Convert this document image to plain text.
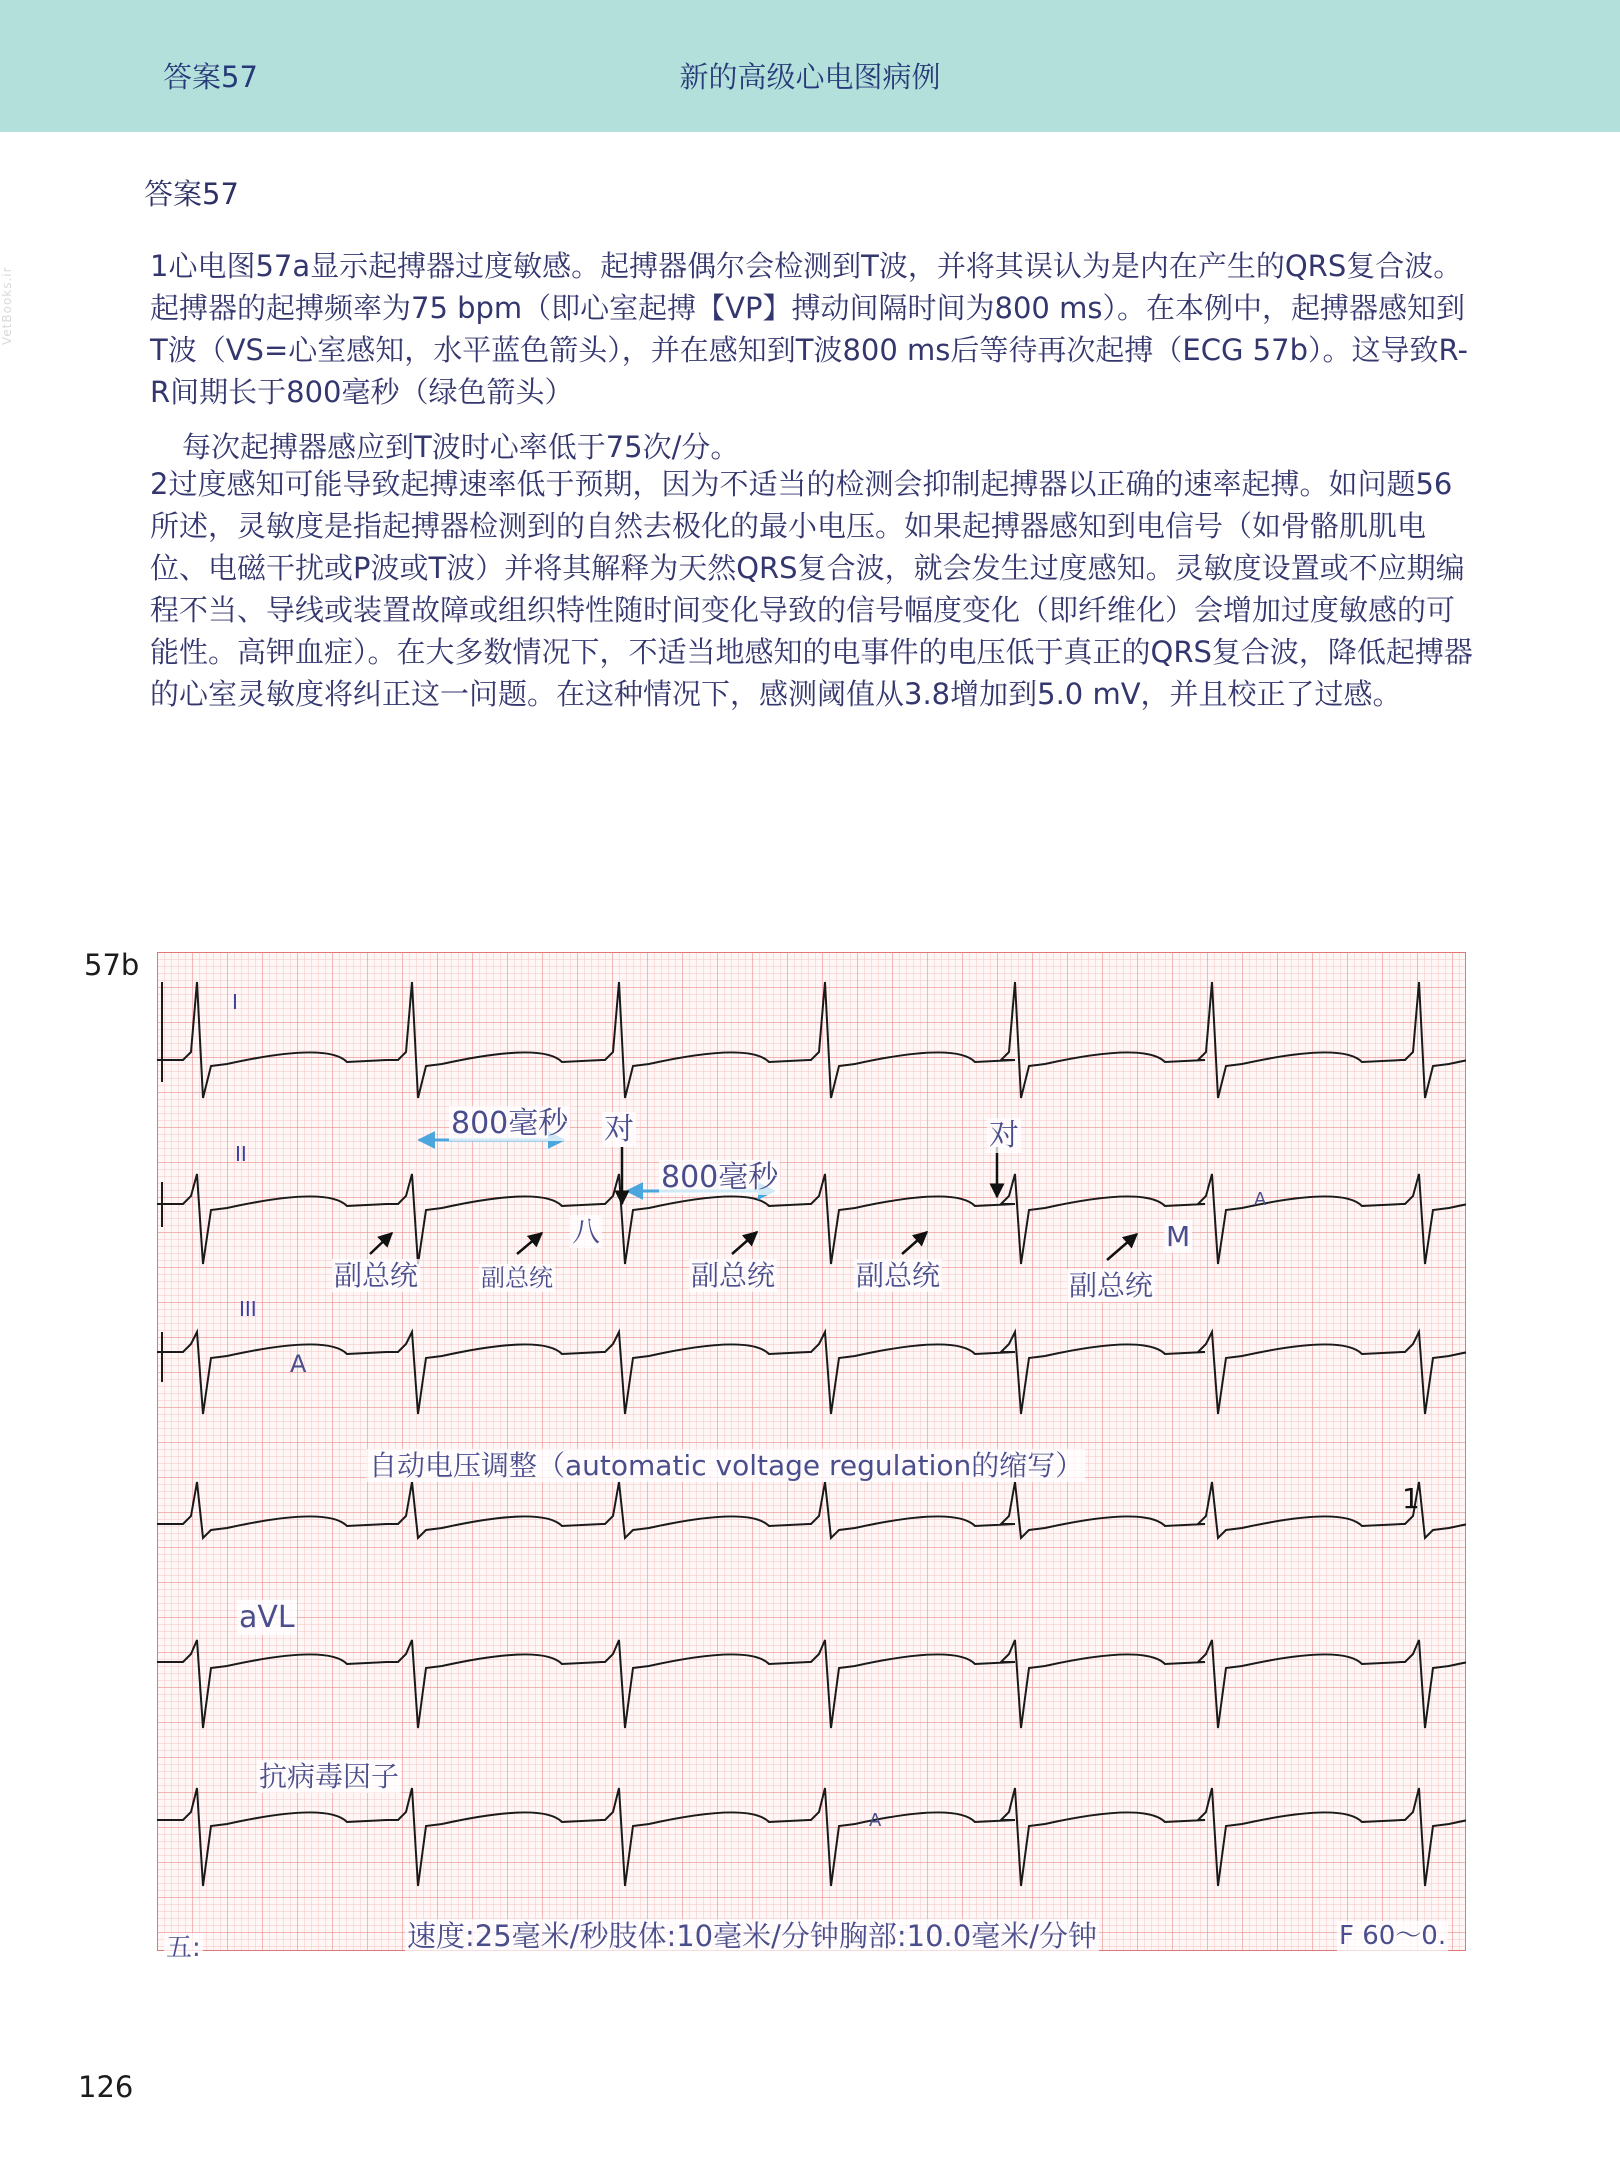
答案57	新的高级心电图病例
VetBooks.ir
答案57

1心电图57a显示起搏器过度敏感。起搏器偶尔会检测到T波，并将其误认为是内在产生的QRS复合波。起搏器的起搏频率为75 bpm（即心室起搏【VP】搏动间隔时间为800 ms）。在本例中，起搏器感知到T波（VS=心室感知，水平蓝色箭头），并在感知到T波800 ms后等待再次起搏（ECG 57b）。这导致R-R间期长于800毫秒（绿色箭头）

每次起搏器感应到T波时心率低于75次/分。

2过度感知可能导致起搏速率低于预期，因为不适当的检测会抑制起搏器以正确的速率起搏。如问题56所述，灵敏度是指起搏器检测到的自然去极化的最小电压。如果起搏器感知到电信号（如骨骼肌肌电位、电磁干扰或P波或T波）并将其解释为天然QRS复合波，就会发生过度感知。灵敏度设置或不应期编程不当、导线或装置故障或组织特性随时间变化导致的信号幅度变化（即纤维化）会增加过度敏感的可能性。高钾血症）。在大多数情况下，不适当地感知的电事件的电压低于真正的QRS复合波，降低起搏器的心室灵敏度将纠正这一问题。在这种情况下，感测阈值从3.8增加到5.0 mV，并且校正了过感。

57b
I
II
III
aVL
800毫秒
800毫秒
对	对
副总统	副总统	副总统	副总统	副总统
八	M
A
A
A
自动电压调整（automatic voltage regulation的缩写）
抗病毒因子
1
五:	速度:25毫米/秒肢体:10毫米/分钟胸部:10.0毫米/分钟	F 60～0.
126
